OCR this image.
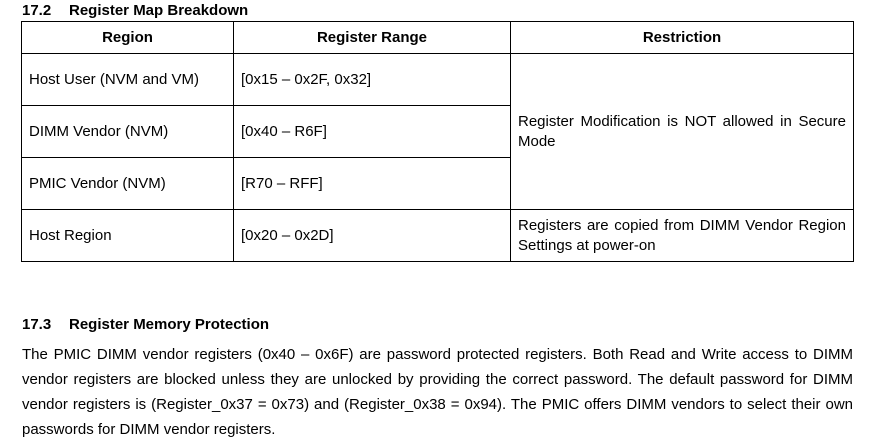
17.2 Register Map Breakdown
Region	Register Range	Restriction
Host User (NVM and VM)	[0x15 – 0x2F, 0x32]	Register Modification is NOT allowed in Secure Mode
DIMM Vendor (NVM)	[0x40 – R6F]	
PMIC Vendor (NVM)	[R70 – RFF]	
Host Region	[0x20 – 0x2D]	Registers are copied from DIMM Vendor Region Settings at power-on
17.3 Register Memory Protection

The PMIC DIMM vendor registers (0x40 – 0x6F) are password protected registers. Both Read and Write access to DIMM vendor registers are blocked unless they are unlocked by providing the correct password. The default password for DIMM vendor registers is (Register_0x37 = 0x73) and (Register_0x38 = 0x94). The PMIC offers DIMM vendors to select their own passwords for DIMM vendor registers.
